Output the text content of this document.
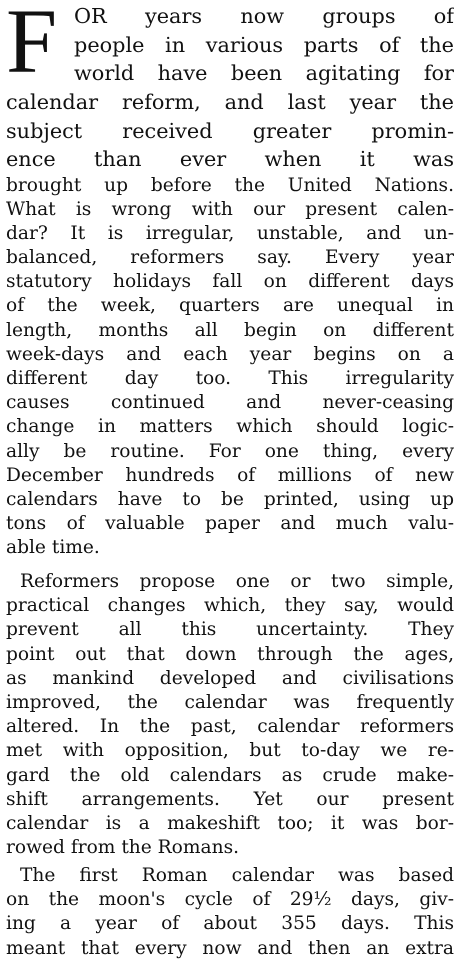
F OR years now groups of
people in various parts of the
world have been agitating for
calendar reform, and last year the
subject received greater promin-
ence than ever when it was
brought up before the United Nations.
What is wrong with our present calen-
dar? It is irregular, unstable, and un-
balanced, reformers say. Every year
statutory holidays fall on different days
of the week, quarters are unequal in
length, months all begin on different
week-days and each year begins on a
different day too. This irregularity
causes continued and never-ceasing
change in matters which should logic-
ally be routine. For one thing, every
December hundreds of millions of new
calendars have to be printed, using up
tons of valuable paper and much valu-
able time.
Reformers propose one or two simple,
practical changes which, they say, would
prevent all this uncertainty. They
point out that down through the ages,
as mankind developed and civilisations
improved, the calendar was frequently
altered. In the past, calendar reformers
met with opposition, but to-day we re-
gard the old calendars as crude make-
shift arrangements. Yet our present
calendar is a makeshift too; it was bor-
rowed from the Romans.
The first Roman calendar was based
on the moon's cycle of 29½ days, giv-
ing a year of about 355 days. This
meant that every now and then an extra
